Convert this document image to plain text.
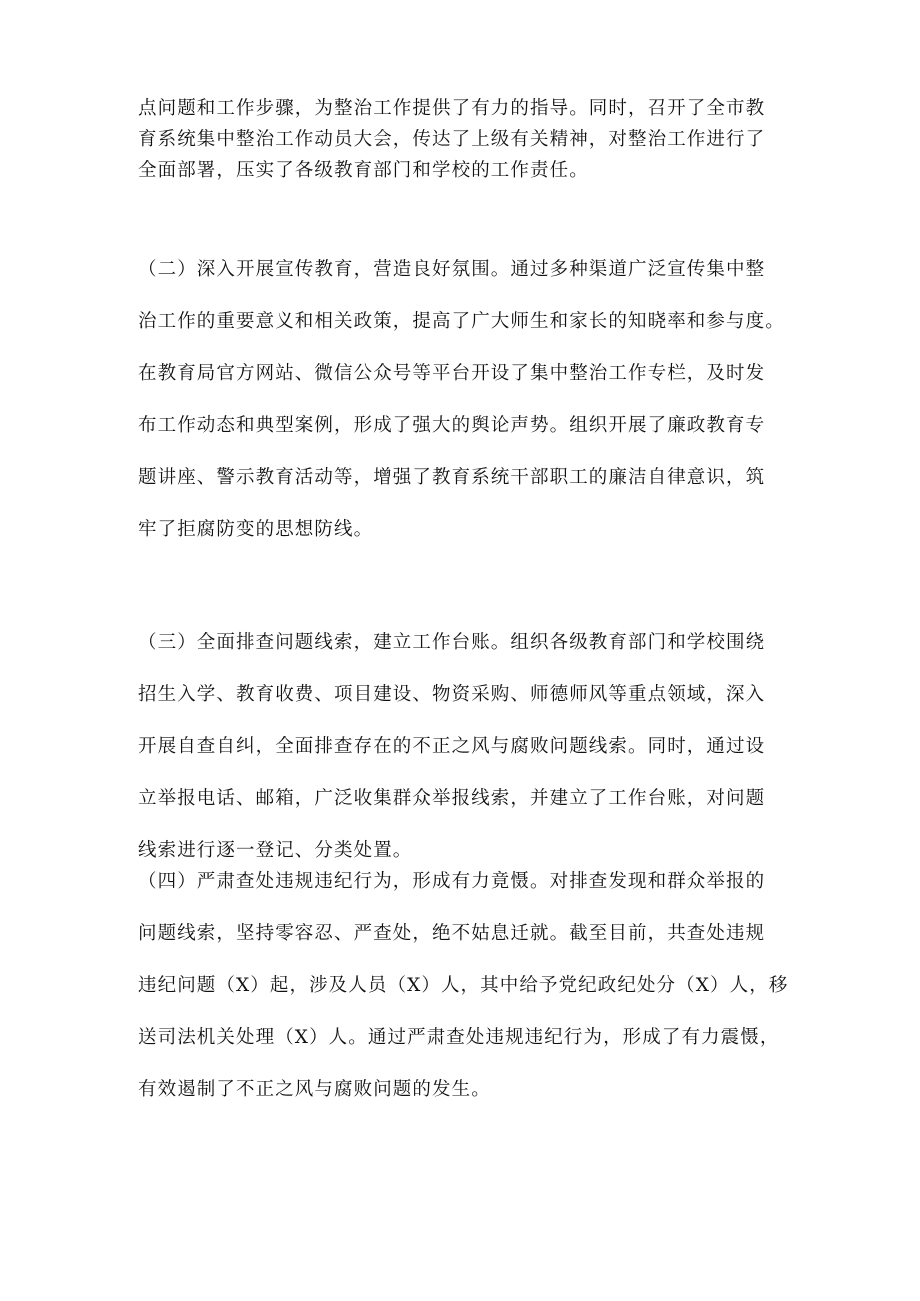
点问题和工作步骤，为整治工作提供了有力的指导。同时，召开了全市教
育系统集中整治工作动员大会，传达了上级有关精神，对整治工作进行了
全面部署，压实了各级教育部门和学校的工作责任。
（二）深入开展宣传教育，营造良好氛围。通过多种渠道广泛宣传集中整
治工作的重要意义和相关政策，提高了广大师生和家长的知晓率和参与度。
在教育局官方网站、微信公众号等平台开设了集中整治工作专栏，及时发
布工作动态和典型案例，形成了强大的舆论声势。组织开展了廉政教育专
题讲座、警示教育活动等，增强了教育系统干部职工的廉洁自律意识，筑
牢了拒腐防变的思想防线。
（三）全面排查问题线索，建立工作台账。组织各级教育部门和学校围绕
招生入学、教育收费、项目建设、物资采购、师德师风等重点领域，深入
开展自查自纠，全面排查存在的不正之风与腐败问题线索。同时，通过设
立举报电话、邮箱，广泛收集群众举报线索，并建立了工作台账，对问题
线索进行逐一登记、分类处置。
（四）严肃查处违规违纪行为，形成有力竟慑。对排查发现和群众举报的
问题线索，坚持零容忍、严查处，绝不姑息迁就。截至目前，共查处违规
违纪问题（X）起，涉及人员（X）人，其中给予党纪政纪处分（X）人，移
送司法机关处理（X）人。通过严肃查处违规违纪行为，形成了有力震慑，
有效遏制了不正之风与腐败问题的发生。
